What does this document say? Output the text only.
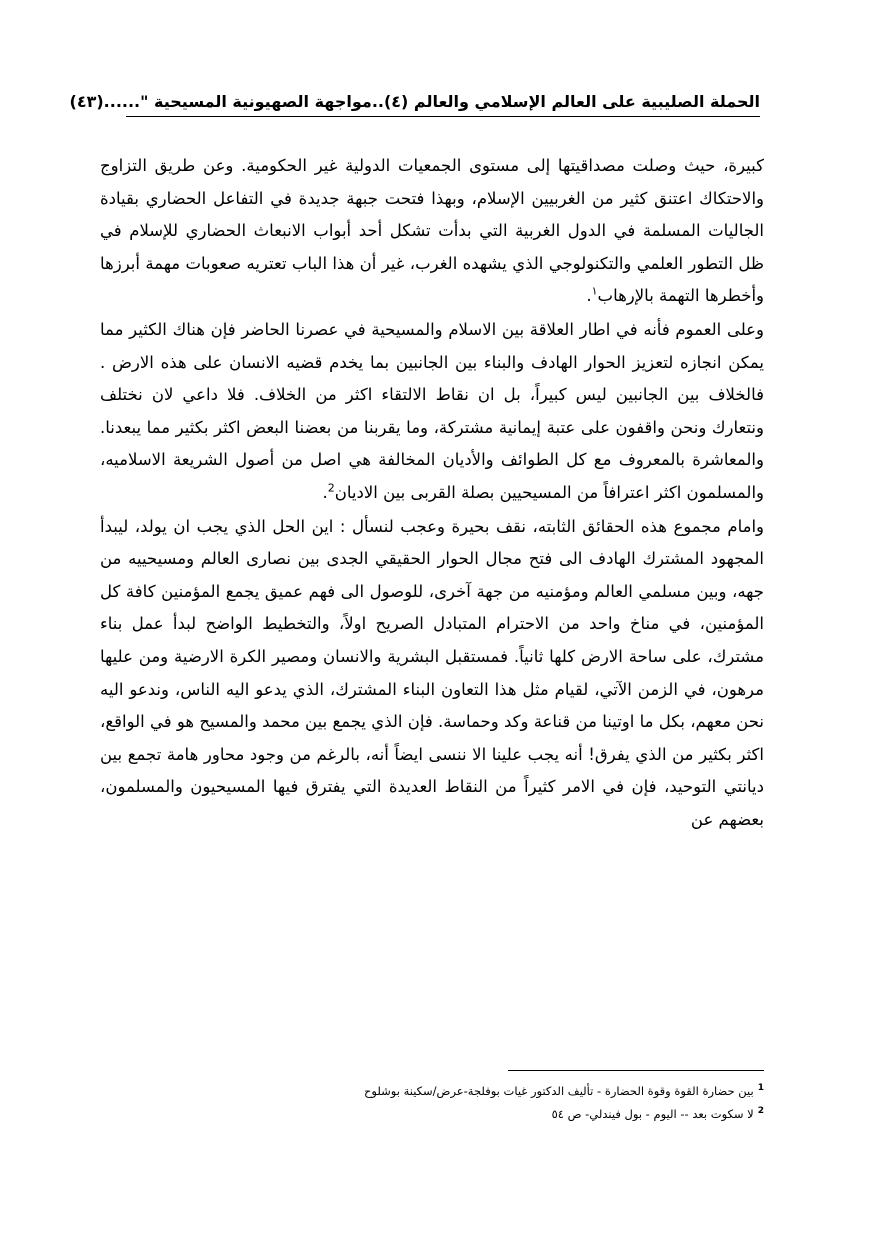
الحملة الصليبية على العالم الإسلامي والعالم (٤)..مواجهة الصهيونية المسيحية "......
(٤٣)

كبيرة، حيث وصلت مصداقيتها إلى مستوى الجمعيات الدولية غير الحكومية. وعن طريق التزاوج والاحتكاك اعتنق كثير من الغربيين الإسلام، وبهذا فتحت جبهة جديدة في التفاعل الحضاري بقيادة الجاليات المسلمة في الدول الغربية التي بدأت تشكل أحد أبواب الانبعاث الحضاري للإسلام في ظل التطور العلمي والتكنولوجي الذي يشهده الغرب، غير أن هذا الباب تعتريه صعوبات مهمة أبرزها وأخطرها التهمة بالإرهاب$^١$.

وعلى العموم فأنه في اطار العلاقة بين الاسلام والمسيحية في عصرنا الحاضر فإن هناك الكثير مما يمكن انجازه لتعزيز الحوار الهادف والبناء بين الجانبين بما يخدم قضيه الانسان على هذه الارض . فالخلاف بين الجانبين ليس كبيراً، بل ان نقاط الالتقاء اكثر من الخلاف. فلا داعي لان نختلف ونتعارك ونحن واقفون على عتبة إيمانية مشتركة، وما يقربنا من بعضنا البعض اكثر بكثير مما يبعدنا. والمعاشرة بالمعروف مع كل الطوائف والأديان المخالفة هي اصل من أصول الشريعة الاسلاميه، والمسلمون اكثر اعترافاً من المسيحيين بصلة القربى بين الاديان$^2$.

وامام مجموع هذه الحقائق الثابته، نقف بحيرة وعجب لنسأل : اين الحل الذي يجب ان يولد، ليبدأ المجهود المشترك الهادف الى فتح مجال الحوار الحقيقي الجدى بين نصارى العالم ومسيحييه من جهه، وبين مسلمي العالم ومؤمنيه من جهة آخرى، للوصول الى فهم عميق يجمع المؤمنين كافة كل المؤمنين، في مناخ واحد من الاحترام المتبادل الصريح اولاً، والتخطيط الواضح لبدأ عمل بناء مشترك، على ساحة الارض كلها ثانياً. فمستقبل البشرية والانسان ومصير الكرة الارضية ومن عليها مرهون، في الزمن الآتي، لقيام مثل هذا التعاون البناء المشترك، الذي يدعو اليه الناس، وندعو اليه نحن معهم، بكل ما اوتينا من قناعة وكد وحماسة. فإن الذي يجمع بين محمد والمسيح هو في الواقع، اكثر بكثير من الذي يفرق! أنه يجب علينا الا ننسى ايضاً أنه، بالرغم من وجود محاور هامة تجمع بين ديانتي التوحيد، فإن في الامر كثيراً من النقاط العديدة التي يفترق فيها المسيحيون والمسلمون، بعضهم عن

$^1$بين حضارة القوة وقوة الحضارة - تأليف الدكتور غيات بوفلجة-عرض/سكينة بوشلوح
$^2$لا سكوت بعد -- اليوم - بول فيندلي- ص ٥٤
